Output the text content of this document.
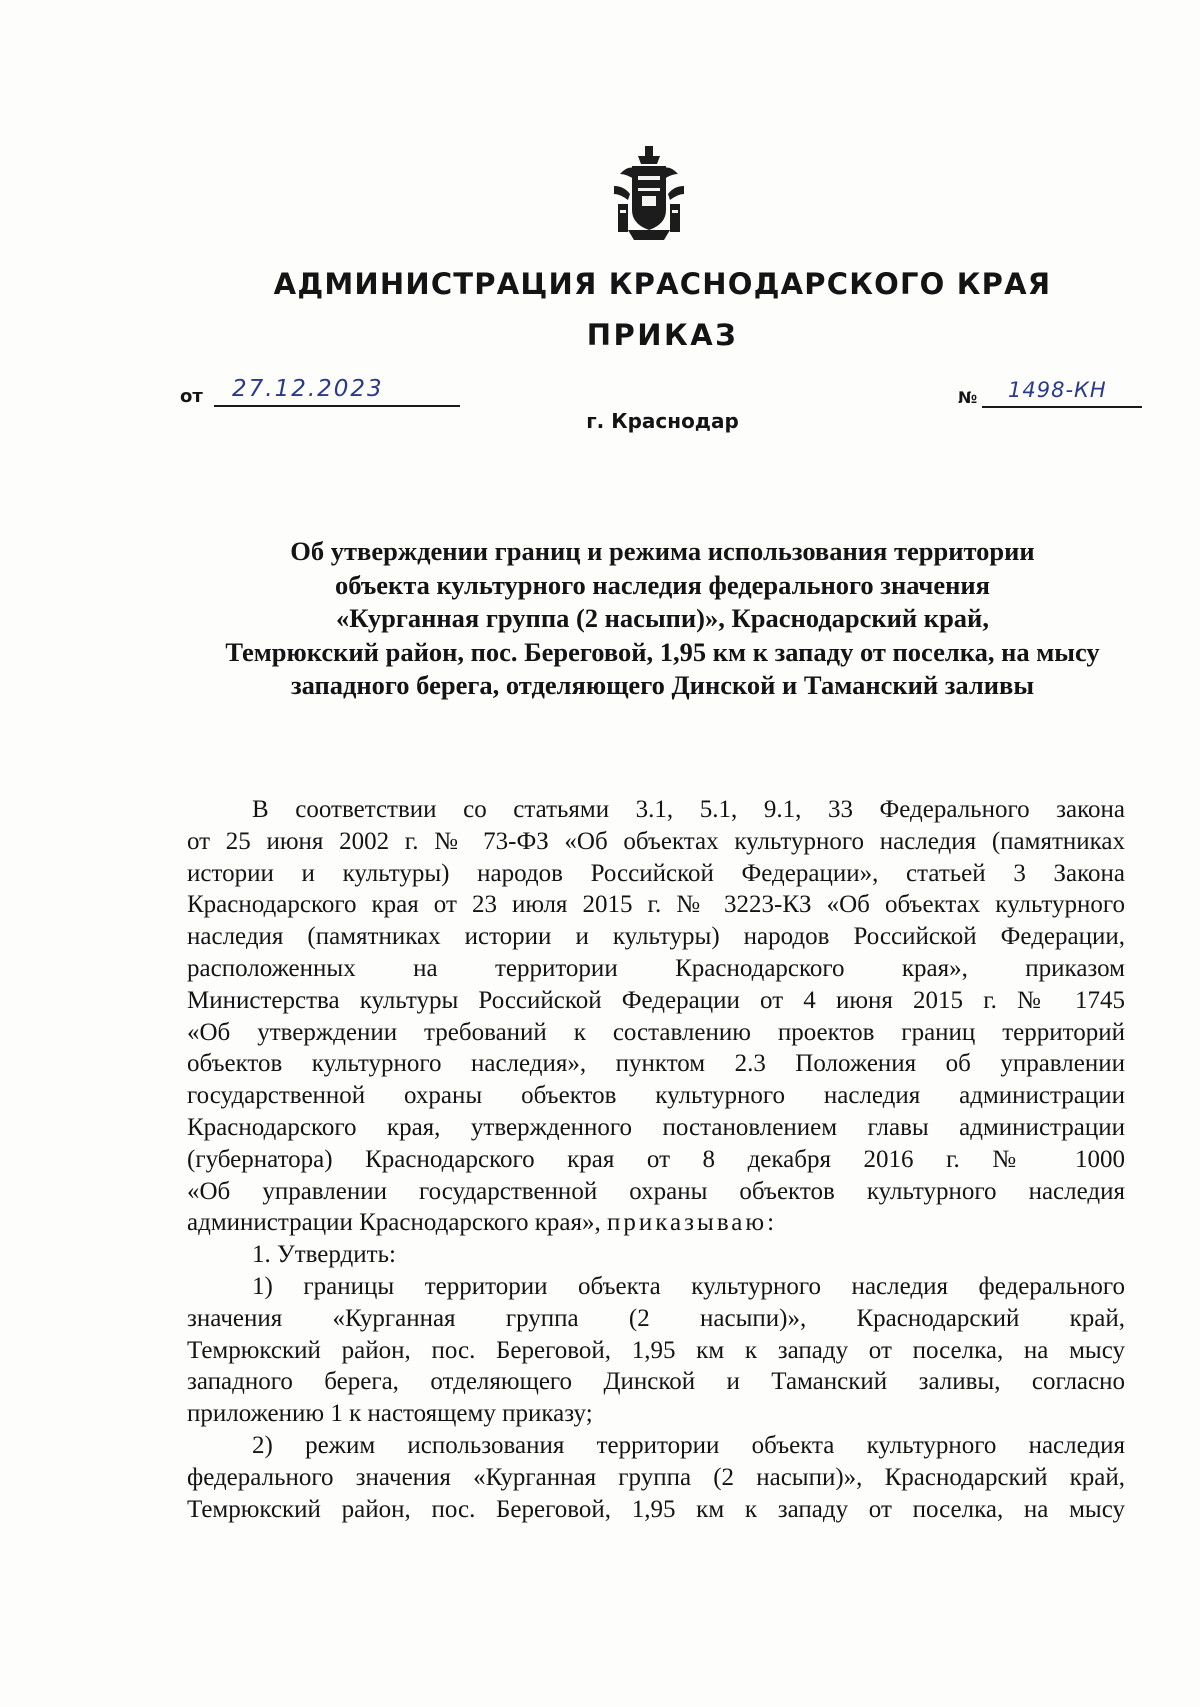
АДМИНИСТРАЦИЯ КРАСНОДАРСКОГО КРАЯ
ПРИКАЗ
от 27.12.2023	№ 1498-КН
г. Краснодар
Об утверждении границ и режима использования территории
объекта культурного наследия федерального значения
«Курганная группа (2 насыпи)», Краснодарский край,
Темрюкский район, пос. Береговой, 1,95 км к западу от поселка, на мысу
западного берега, отделяющего Динской и Таманский заливы
В соответствии со статьями 3.1, 5.1, 9.1, 33 Федерального закона
от 25 июня 2002 г. № 73-ФЗ «Об объектах культурного наследия (памятниках
истории и культуры) народов Российской Федерации», статьей 3 Закона
Краснодарского края от 23 июля 2015 г. № 3223-КЗ «Об объектах культурного
наследия (памятниках истории и культуры) народов Российской Федерации,
расположенных на территории Краснодарского края», приказом
Министерства культуры Российской Федерации от 4 июня 2015 г. № 1745
«Об утверждении требований к составлению проектов границ территорий
объектов культурного наследия», пунктом 2.3 Положения об управлении
государственной охраны объектов культурного наследия администрации
Краснодарского края, утвержденного постановлением главы администрации
(губернатора) Краснодарского края от 8 декабря 2016 г. № 1000
«Об управлении государственной охраны объектов культурного наследия
администрации Краснодарского края», приказываю:
1. Утвердить:
1) границы территории объекта культурного наследия федерального
значения «Курганная группа (2 насыпи)», Краснодарский край,
Темрюкский район, пос. Береговой, 1,95 км к западу от поселка, на мысу
западного берега, отделяющего Динской и Таманский заливы, согласно
приложению 1 к настоящему приказу;
2) режим использования территории объекта культурного наследия
федерального значения «Курганная группа (2 насыпи)», Краснодарский край,
Темрюкский район, пос. Береговой, 1,95 км к западу от поселка, на мысу
